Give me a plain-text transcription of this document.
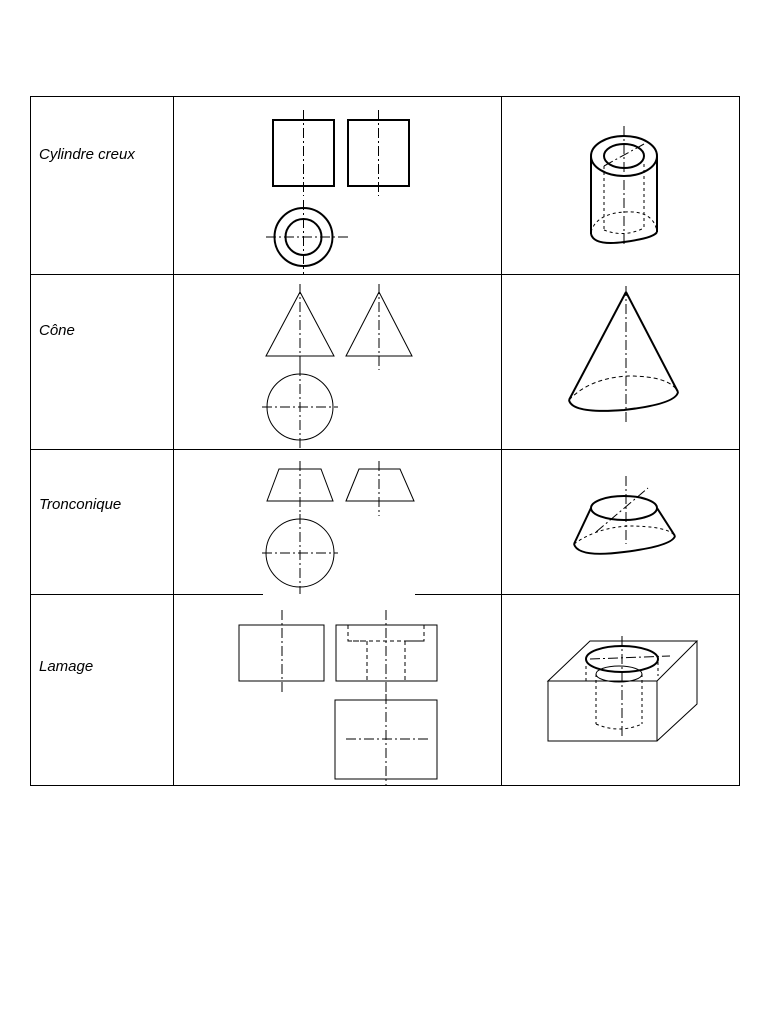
Cylindre creux
Cône
Tronconique
Lamage
